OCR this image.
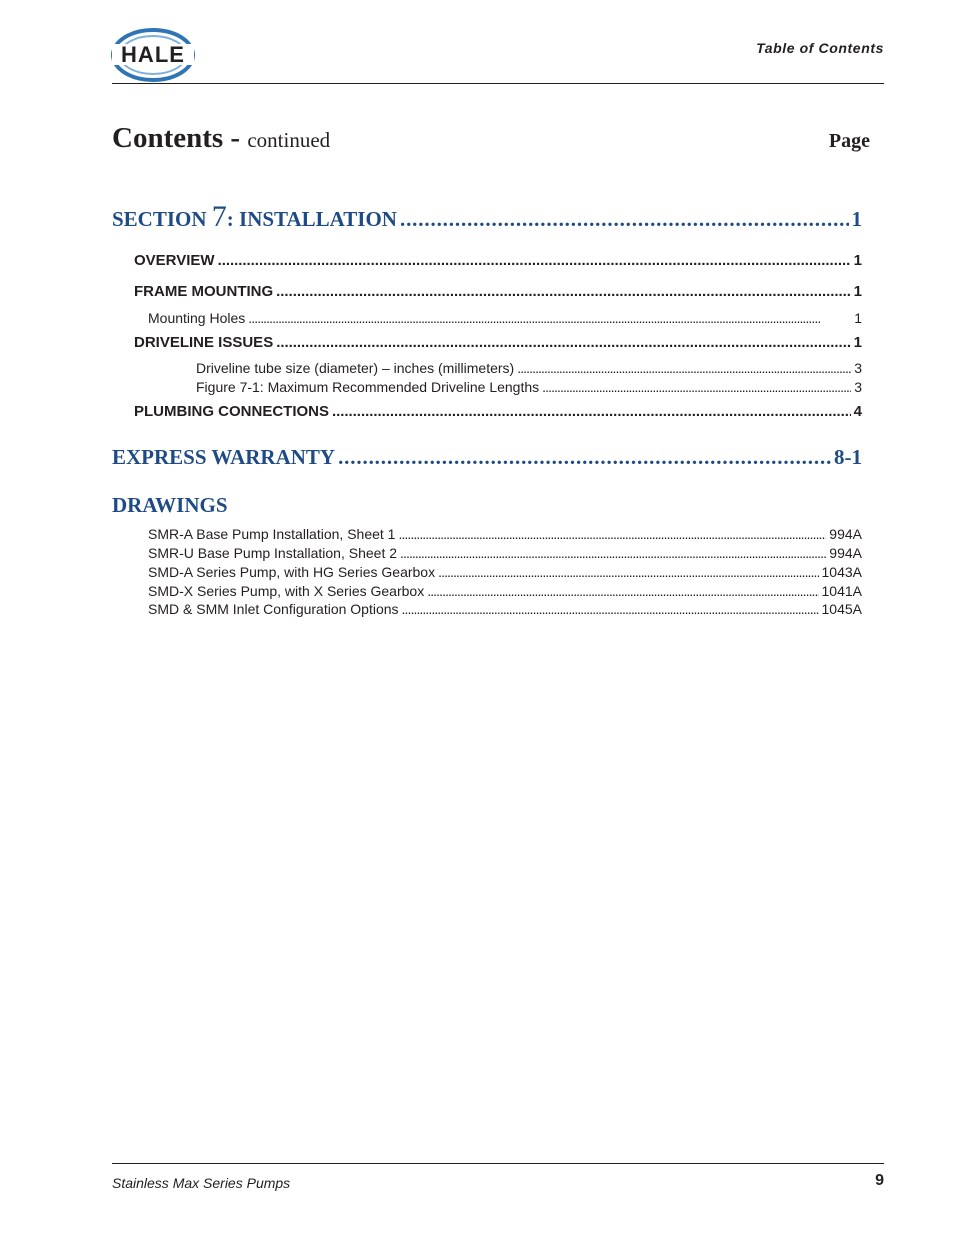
HALE	Table of Contents
Contents - continued	Page
SECTION 7: INSTALLATION . . .	1
OVERVIEW . . .	1
FRAME MOUNTING . . .	1
Mounting Holes . . .	1
DRIVELINE ISSUES . . .	1
Driveline tube size (diameter) – inches (millimeters) . . .	3
Figure 7-1: Maximum Recommended Driveline Lengths . . .	3
PLUMBING CONNECTIONS . . .	4
EXPRESS WARRANTY . . .	8-1
DRAWINGS
SMR-A Base Pump Installation, Sheet 1 . . .	994A
SMR-U Base Pump Installation, Sheet 2 . . .	994A
SMD-A Series Pump, with HG Series Gearbox . . .	1043A
SMD-X Series Pump, with X Series Gearbox . . .	1041A
SMD & SMM Inlet Configuration Options . . .	1045A
Stainless Max Series Pumps	9
